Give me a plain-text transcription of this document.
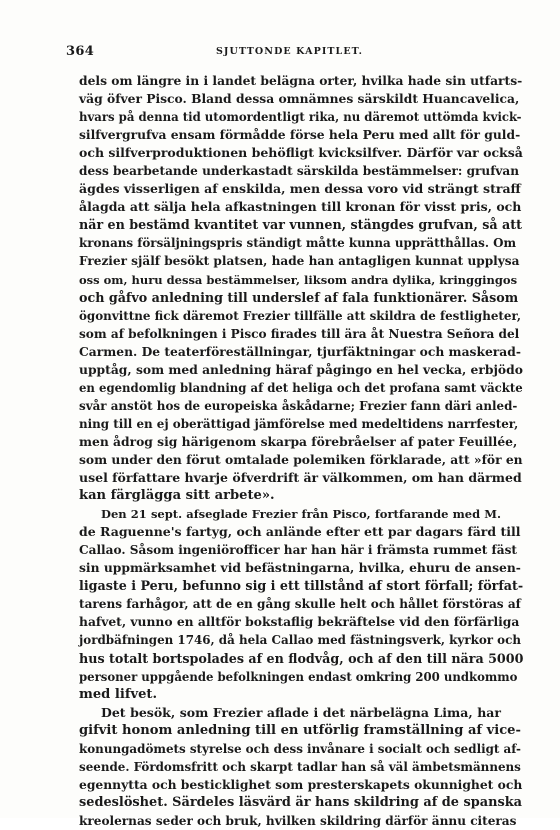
364	SJUTTONDE KAPITLET.
dels om längre in i landet belägna orter, hvilka hade sin utfarts-
väg öfver Pisco. Bland dessa omnämnes särskildt Huancavelica,
hvars på denna tid utomordentligt rika, nu däremot uttömda kvick-
silfvergrufva ensam förmådde förse hela Peru med allt för guld-
och silfverproduktionen behöfligt kvicksilfver. Därför var också
dess bearbetande underkastadt särskilda bestämmelser: grufvan
ägdes visserligen af enskilda, men dessa voro vid strängt straff
ålagda att sälja hela afkastningen till kronan för visst pris, och
när en bestämd kvantitet var vunnen, stängdes grufvan, så att
kronans försäljningspris ständigt måtte kunna upprätthållas. Om
Frezier själf besökt platsen, hade han antagligen kunnat upplysa
oss om, huru dessa bestämmelser, liksom andra dylika, kringgingos
och gåfvo anledning till underslef af fala funktionärer. Såsom
ögonvittne fick däremot Frezier tillfälle att skildra de festligheter,
som af befolkningen i Pisco firades till ära åt Nuestra Señora del
Carmen. De teaterföreställningar, tjurfäktningar och maskerad-
upptåg, som med anledning häraf pågingo en hel vecka, erbjödo
en egendomlig blandning af det heliga och det profana samt väckte
svår anstöt hos de europeiska åskådarne; Frezier fann däri anled-
ning till en ej oberättigad jämförelse med medeltidens narrfester,
men ådrog sig härigenom skarpa förebråelser af pater Feuillée,
som under den förut omtalade polemiken förklarade, att »för en
usel författare hvarje öfverdrift är välkommen, om han därmed
kan färglägga sitt arbete».
Den 21 sept. afseglade Frezier från Pisco, fortfarande med M.
de Raguenne's fartyg, och anlände efter ett par dagars färd till
Callao. Såsom ingeniörofficer har han här i främsta rummet fäst
sin uppmärksamhet vid befästningarna, hvilka, ehuru de ansen-
ligaste i Peru, befunno sig i ett tillstånd af stort förfall; förfat-
tarens farhågor, att de en gång skulle helt och hållet förstöras af
hafvet, vunno en alltför bokstaflig bekräftelse vid den förfärliga
jordbäfningen 1746, då hela Callao med fästningsverk, kyrkor och
hus totalt bortspolades af en flodvåg, och af den till nära 5000
personer uppgående befolkningen endast omkring 200 undkommo
med lifvet.
Det besök, som Frezier aflade i det närbelägna Lima, har
gifvit honom anledning till en utförlig framställning af vice-
konungadömets styrelse och dess invånare i socialt och sedligt af-
seende. Fördomsfritt och skarpt tadlar han så väl ämbetsmännens
egennytta och besticklighet som presterskapets okunnighet och
sedeslöshet. Särdeles läsvärd är hans skildring af de spanska
kreolernas seder och bruk, hvilken skildring därför ännu citeras
